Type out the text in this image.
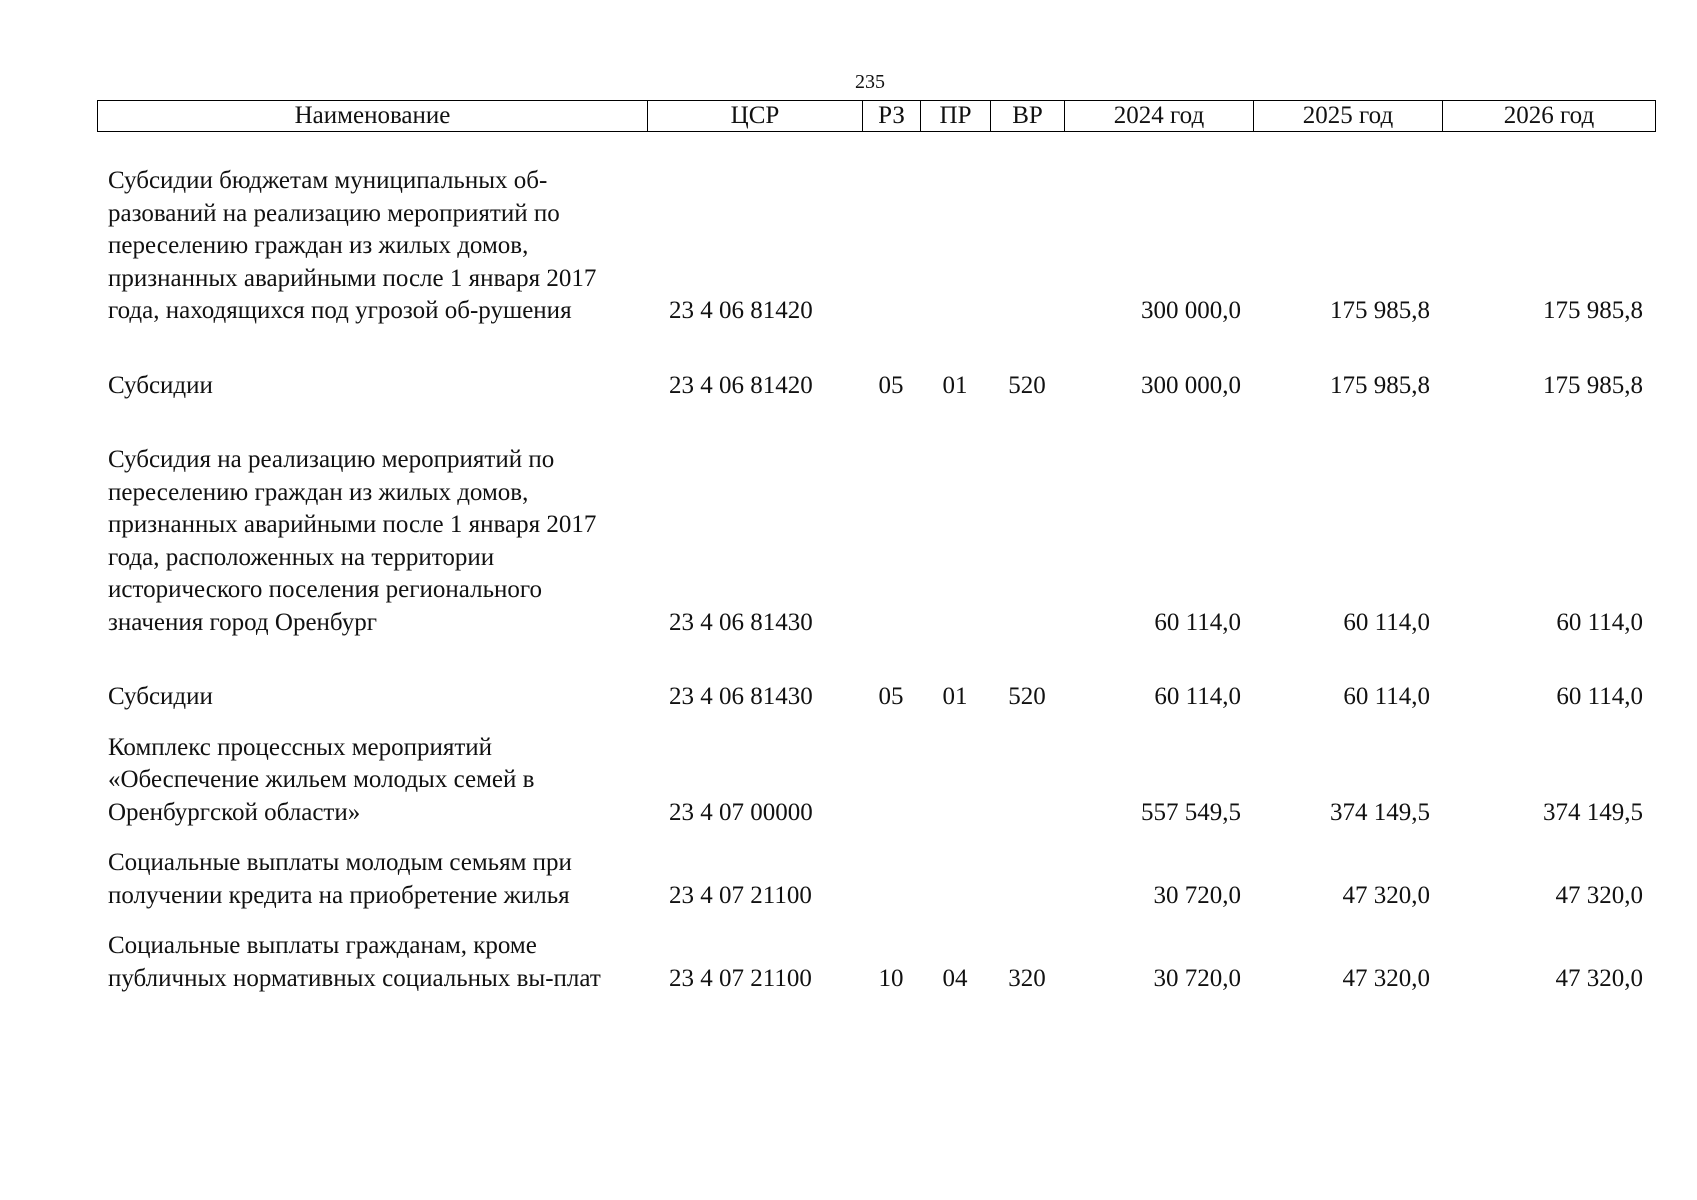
235
Наименование	ЦСР	РЗ	ПР	ВР	2024 год	2025 год	2026 год
Субсидии бюджетам муниципальных об-разований на реализацию мероприятий по переселению граждан из жилых домов, признанных аварийными после 1 января 2017 года, находящихся под угрозой об-рушения	23 4 06 81420				300 000,0	175 985,8	175 985,8

Субсидии	23 4 06 81420	05	01	520	300 000,0	175 985,8	175 985,8

Субсидия на реализацию мероприятий по переселению граждан из жилых домов, признанных аварийными после 1 января 2017 года, расположенных на территории исторического поселения регионального значения город Оренбург	23 4 06 81430				60 114,0	60 114,0	60 114,0

Субсидии	23 4 06 81430	05	01	520	60 114,0	60 114,0	60 114,0

Комплекс процессных мероприятий «Обеспечение жильем молодых семей в Оренбургской области»	23 4 07 00000				557 549,5	374 149,5	374 149,5

Социальные выплаты молодым семьям при получении кредита на приобретение жилья	23 4 07 21100				30 720,0	47 320,0	47 320,0

Социальные выплаты гражданам, кроме публичных нормативных социальных вы-плат	23 4 07 21100	10	04	320	30 720,0	47 320,0	47 320,0
